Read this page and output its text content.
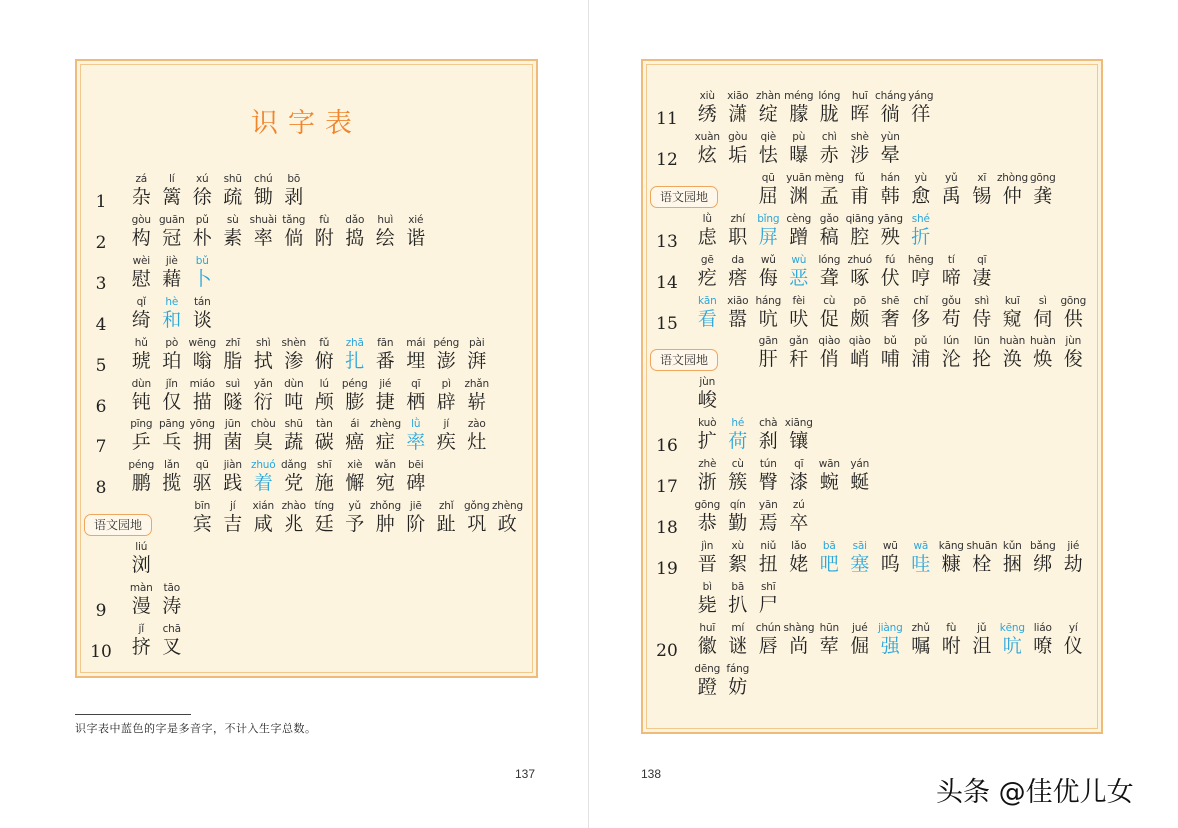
识字表
1
zá
杂
lí
篱
xú
徐
shū
疏
chú
锄
bō
剥
2
gòu
构
guān
冠
pǔ
朴
sù
素
shuài
率
tǎng
倘
fù
附
dǎo
捣
huì
绘
xié
谐
3
wèi
慰
jiè
藉
bǔ
卜
4
qǐ
绮
hè
和
tán
谈
5
hǔ
琥
pò
珀
wēng
嗡
zhī
脂
shì
拭
shèn
渗
fǔ
俯
zhā
扎
fān
番
mái
埋
péng
澎
pài
湃
6
dùn
钝
jǐn
仅
miáo
描
suì
隧
yǎn
衍
dùn
吨
lú
颅
péng
膨
jié
捷
qī
栖
pì
辟
zhǎn
崭
7
pīng
乒
pāng
乓
yōng
拥
jūn
菌
chòu
臭
shū
蔬
tàn
碳
ái
癌
zhèng
症
lǜ
率
jí
疾
zào
灶
8
péng
鹏
lǎn
揽
qū
驱
jiàn
践
zhuó
着
dǎng
党
shī
施
xiè
懈
wǎn
宛
bēi
碑
语文园地
bīn
宾
jí
吉
xián
咸
zhào
兆
tíng
廷
yǔ
予
zhǒng
肿
jiē
阶
zhǐ
趾
gǒng
巩
zhèng
政
liú
浏
9
màn
漫
tāo
涛
10
jǐ
挤
chā
叉
11
xiù
绣
xiāo
潇
zhàn
绽
méng
朦
lóng
胧
huī
晖
cháng
徜
yáng
徉
12
xuàn
炫
gòu
垢
qiè
怯
pù
曝
chì
赤
shè
涉
yùn
晕
语文园地
qū
屈
yuān
渊
mèng
孟
fǔ
甫
hán
韩
yù
愈
yǔ
禹
xī
锡
zhòng
仲
gōng
龚
13
lǜ
虑
zhí
职
bǐng
屏
cèng
蹭
gǎo
稿
qiāng
腔
yāng
殃
shé
折
14
gē
疙
da
瘩
wǔ
侮
wù
恶
lóng
聋
zhuó
啄
fú
伏
hēng
哼
tí
啼
qī
凄
15
kān
看
xiāo
嚣
háng
吭
fèi
吠
cù
促
pō
颇
shē
奢
chǐ
侈
gǒu
苟
shì
侍
kuī
窥
sì
伺
gōng
供
语文园地
gān
肝
gǎn
秆
qiào
俏
qiào
峭
bǔ
哺
pǔ
浦
lún
沦
lūn
抡
huàn
涣
huàn
焕
jùn
俊
jùn
峻
16
kuò
扩
hé
荷
chà
刹
xiāng
镶
17
zhè
浙
cù
簇
tún
臀
qī
漆
wān
蜿
yán
蜒
18
gōng
恭
qín
勤
yān
焉
zú
卒
19
jìn
晋
xù
絮
niǔ
扭
lǎo
姥
bā
吧
sāi
塞
wū
呜
wā
哇
kāng
糠
shuān
栓
kǔn
捆
bǎng
绑
jié
劫
bì
毙
bā
扒
shī
尸
20
huī
徽
mí
谜
chún
唇
shàng
尚
hūn
荤
jué
倔
jiàng
强
zhǔ
嘱
fù
咐
jǔ
沮
kēng
吭
liáo
嘹
yí
仪
dēng
蹬
fáng
妨
识字表中蓝色的字是多音字，不计入生字总数。
137	138
头条 @佳优儿女
